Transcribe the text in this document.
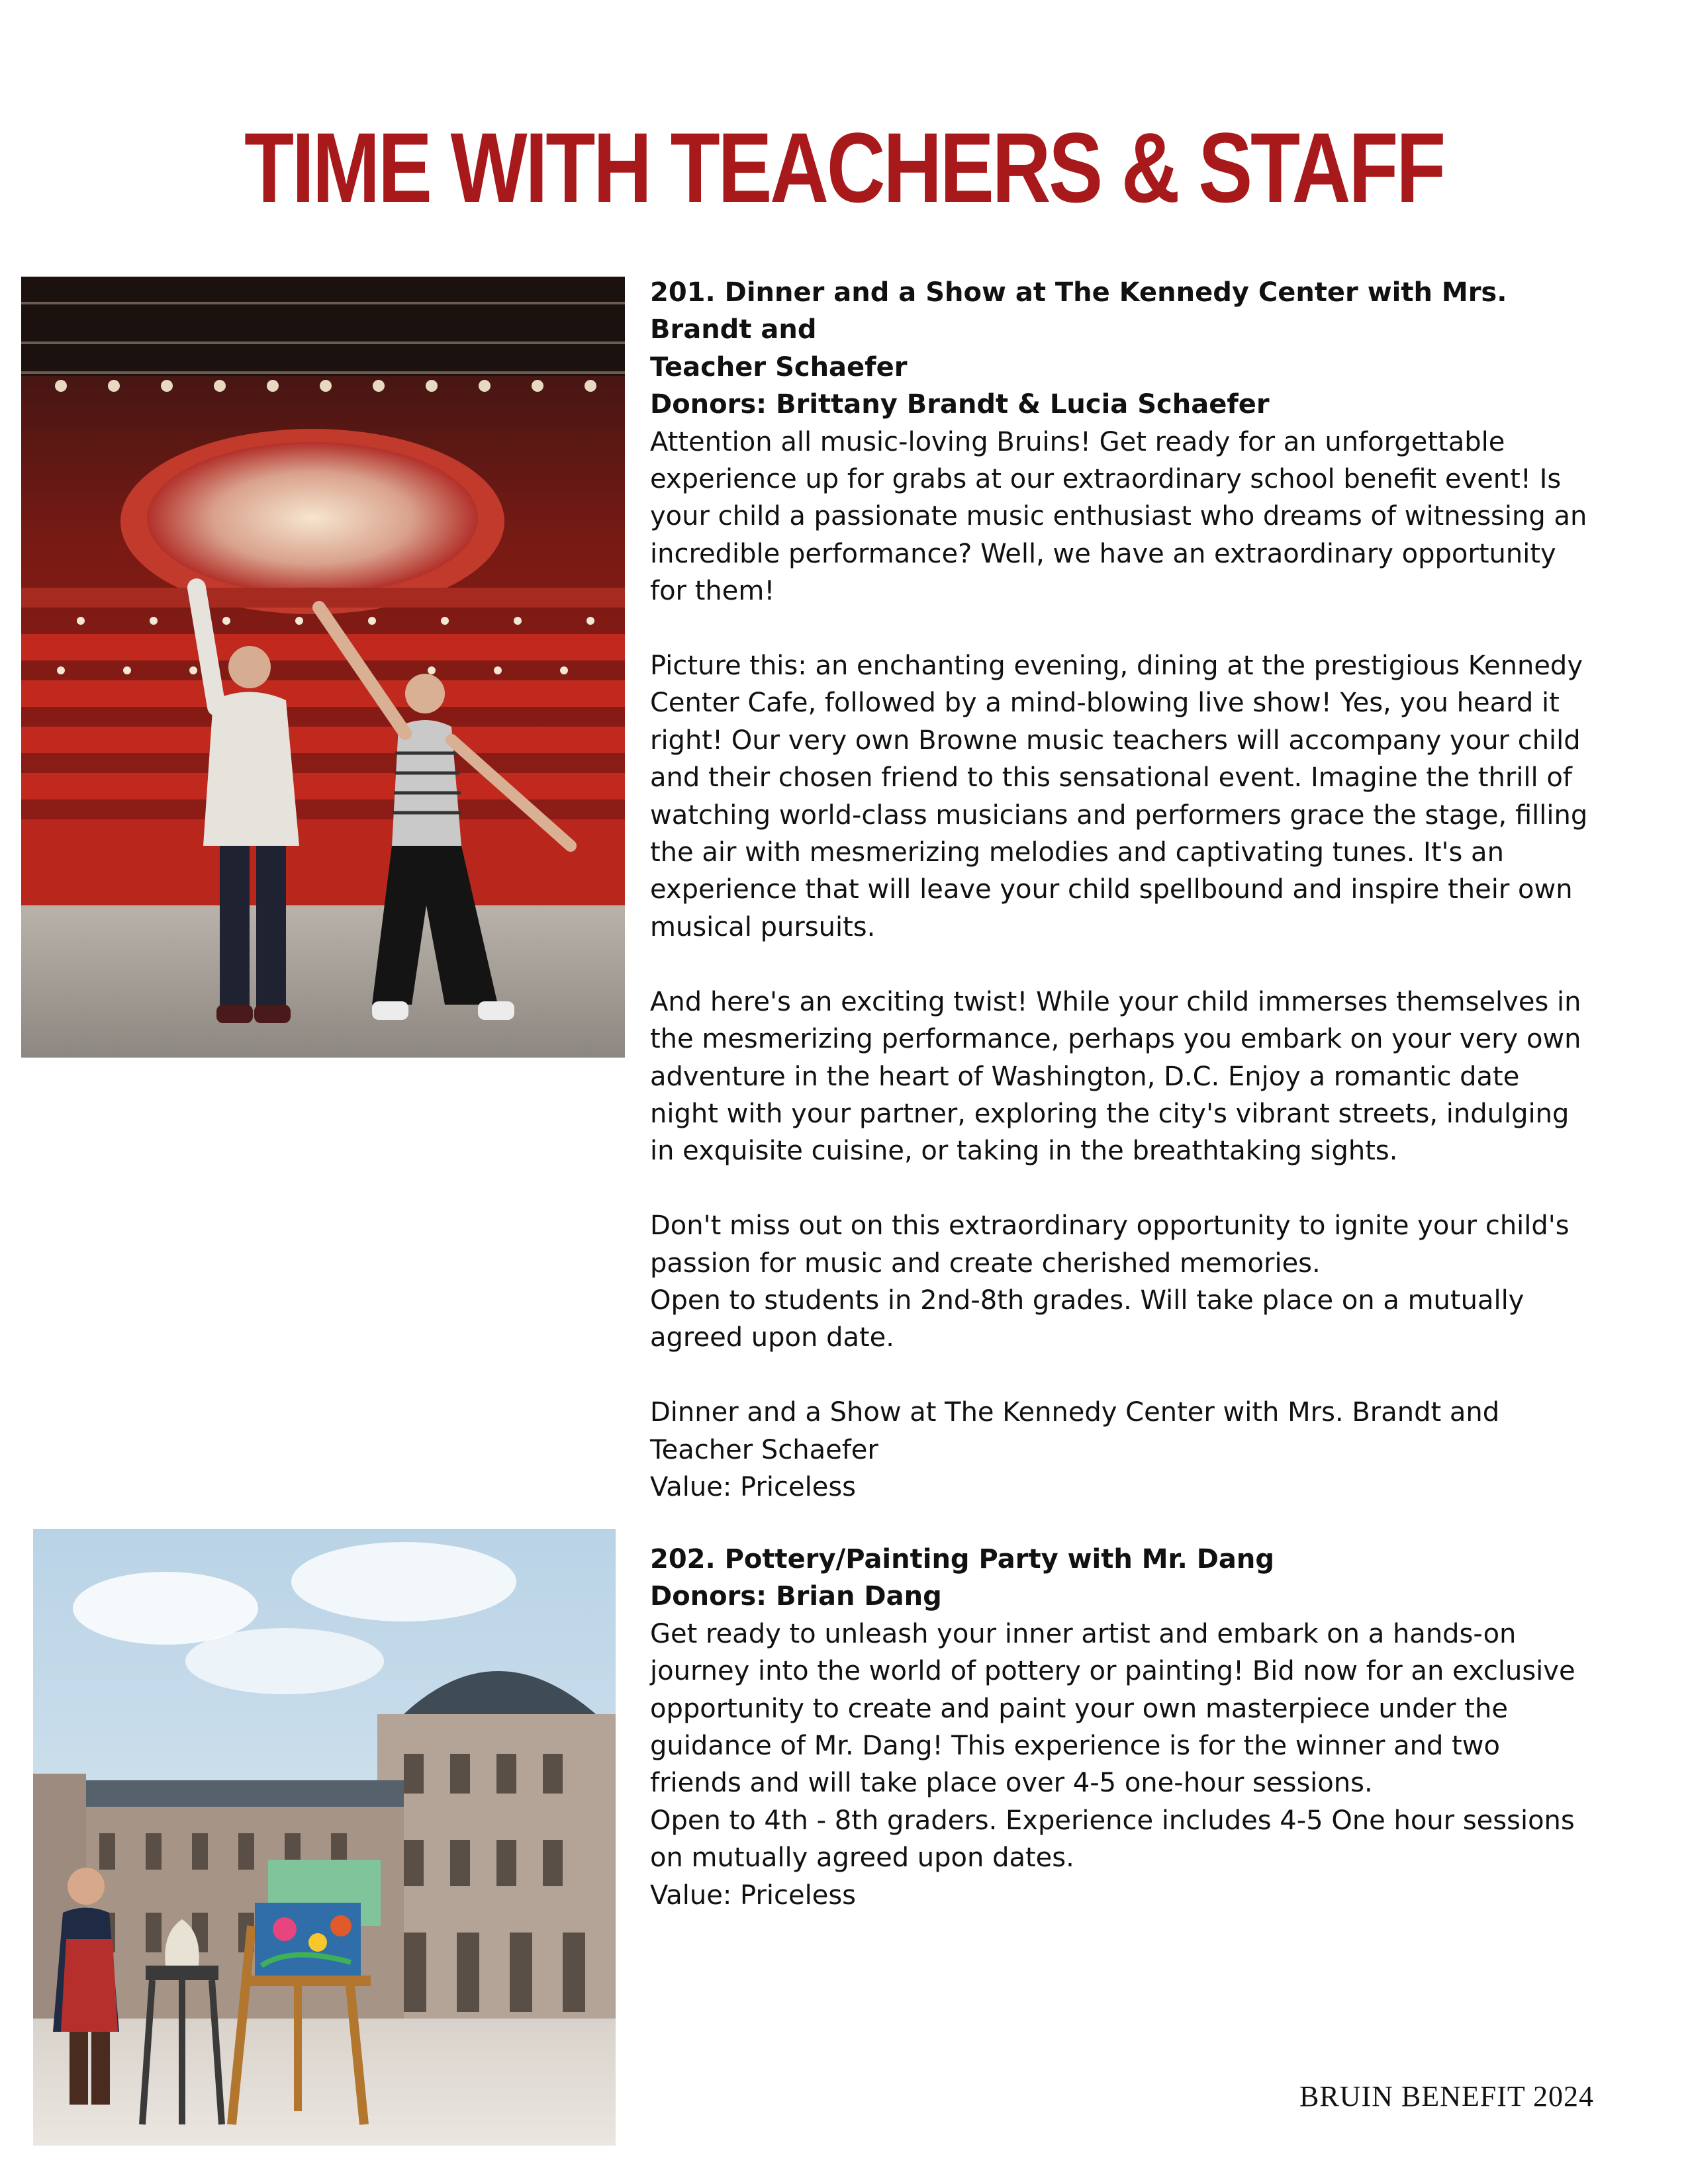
TIME WITH TEACHERS & STAFF

201. Dinner and a Show at The Kennedy Center with Mrs. Brandt and

Teacher Schaefer

Donors: Brittany Brandt & Lucia Schaefer

Attention all music-loving Bruins! Get ready for an unforgettable experience up for grabs at our extraordinary school benefit event! Is your child a passionate music enthusiast who dreams of witnessing an incredible performance? Well, we have an extraordinary opportunity for them!

Picture this: an enchanting evening, dining at the prestigious Kennedy Center Cafe, followed by a mind-blowing live show! Yes, you heard it right! Our very own Browne music teachers will accompany your child and their chosen friend to this sensational event. Imagine the thrill of watching world-class musicians and performers grace the stage, filling the air with mesmerizing melodies and captivating tunes. It's an experience that will leave your child spellbound and inspire their own musical pursuits.

And here's an exciting twist! While your child immerses themselves in the mesmerizing performance, perhaps you embark on your very own adventure in the heart of Washington, D.C. Enjoy a romantic date night with your partner, exploring the city's vibrant streets, indulging in exquisite cuisine, or taking in the breathtaking sights.

Don't miss out on this extraordinary opportunity to ignite your child's passion for music and create cherished memories.

Open to students in 2nd-8th grades. Will take place on a mutually agreed upon date.

Dinner and a Show at The Kennedy Center with Mrs. Brandt and

Teacher Schaefer

Value: Priceless

202. Pottery/Painting Party with Mr. Dang

Donors: Brian Dang

Get ready to unleash your inner artist and embark on a hands-on journey into the world of pottery or painting! Bid now for an exclusive opportunity to create and paint your own masterpiece under the guidance of Mr. Dang! This experience is for the winner and two friends and will take place over 4-5 one-hour sessions.

Open to 4th - 8th graders. Experience includes 4-5 One hour sessions on mutually agreed upon dates.

Value: Priceless

BRUIN BENEFIT 2024
